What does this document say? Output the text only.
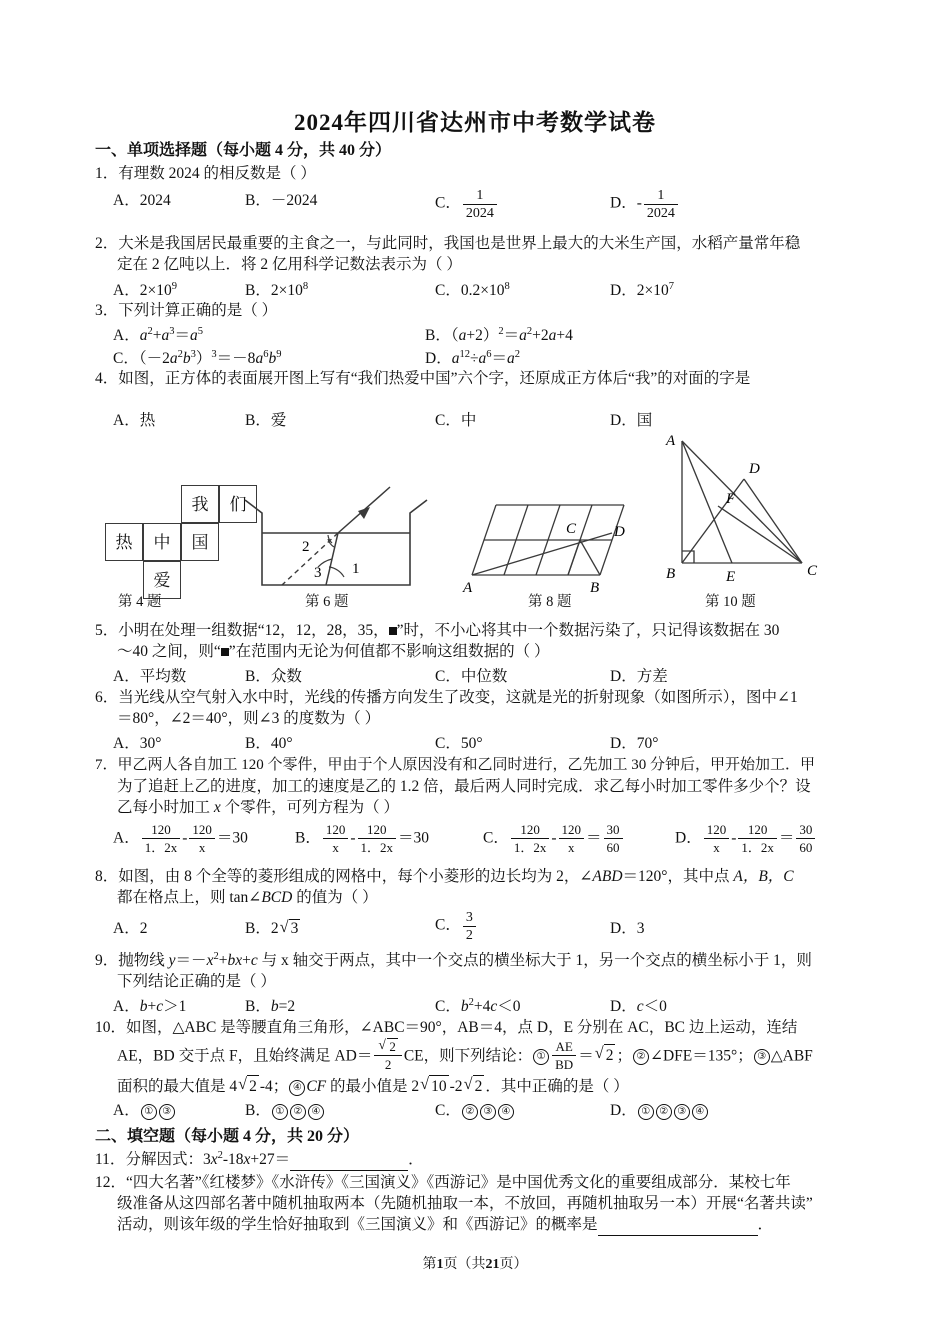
2024年四川省达州市中考数学试卷
一、单项选择题（每小题 4 分，共 40 分）
1．有理数 2024 的相反数是（ ）
A．2024	B．－2024	C． $\frac{1}{2024}$	D．- $\frac{1}{2024}$
2．大米是我国居民最重要的主食之一，与此同时，我国也是世界上最大的大米生产国，水稻产量常年稳
定在 2 亿吨以上．将 2 亿用科学记数法表示为（ ）
A．$2\times 10^9$	B．$2\times 10^8$	C．$0.2\times 10^8$	D．$2\times 10^7$
3．下列计算正确的是（ ）
A．$a^2+a^3=a^5$	B．$(a+2)^2=a^2+2a+4$
C．$(-2a^2b^3)^3=-8a^6b^9$	D．$a^{12}\div a^6=a^2$
4．如图，正方体的表面展开图上写有“我们热爱中国”六个字，还原成正方体后“我”的对面的字是
A．热	B．爱	C．中	D．国
我	们
热	中	国
爱
第 4 题
2
3 1
第 6 题
A	B
C	D
第 8 题
A
B	C
D
E
F
第 10 题
5．小明在处理一组数据“12，12，28，35， ”时，不小心将其中一个数据污染了，只记得该数据在 30
～40 之间，则“ ”在范围内无论为何值都不影响这组数据的（ ）
A．平均数	B．众数	C．中位数	D．方差
6．当光线从空气射入水中时，光线的传播方向发生了改变，这就是光的折射现象（如图所示），图中∠1
＝80°，∠2＝40°，则∠3 的度数为（ ）
A．30°	B．40°	C．50°	D．70°
7．甲乙两人各自加工 120 个零件，甲由于个人原因没有和乙同时进行，乙先加工 30 分钟后，甲开始加工．甲
为了追赶上乙的进度，加工的速度是乙的 1.2 倍，最后两人同时完成．求乙每小时加工零件多少个？设
乙每小时加工 x 个零件，可列方程为（ ）
A． $\frac{120}{1.2x} - \frac{120}{x} =30$	B． $\frac{120}{x} - \frac{120}{1.2x} =30$	C． $\frac{120}{1.2x} - \frac{120}{x} = \frac{30}{60}$	D． $\frac{120}{x} - \frac{120}{1.2x} = \frac{30}{60}$
8．如图，由 8 个全等的菱形组成的网格中，每个小菱形的边长均为 2，∠ABD＝120°，其中点 A，B，C
都在格点上，则 tan∠BCD 的值为（ ）
A．2	B．2 √ 3	C． $\frac{3}{2}$	D．3
9．抛物线 $y=-x^2+bx+c$ 与 x 轴交于两点，其中一个交点的横坐标大于 1，另一个交点的横坐标小于 1，则
下列结论正确的是（ ）
A．b+c＞1	B．b=2	C．$b^2+4c<0$	D．c＜0
10．如图，△ABC 是等腰直角三角形，∠ABC＝90°，AB＝4，点 D，E 分别在 AC，BC 边上运动，连结
AE，BD 交于点 F，且始终满足 AD＝ √ $\frac{2}{2}$ CE，则下列结论： ① $\frac{AE}{BD}$ ＝ √ 2 ； ② ∠DFE＝135°； ③ △ABF
面积的最大值是 4 √ 2 -4； ④ CF 的最小值是 2 √ 10 -2 √ 2 ．其中正确的是（ ）
A． ① ③	B． ① ② ④	C． ② ③ ④	D． ① ② ③ ④
二、填空题（每小题 4 分，共 20 分）
11．分解因式：$3x^2-18x+27=$	．
12．“四大名著”《红楼梦》《水浒传》《三国演义》《西游记》是中国优秀文化的重要组成部分．某校七年
级准备从这四部名著中随机抽取两本（先随机抽取一本，不放回，再随机抽取另一本）开展“名著共读”
活动，则该年级的学生恰好抽取到《三国演义》和《西游记》的概率是	．
第1页（共21页）
